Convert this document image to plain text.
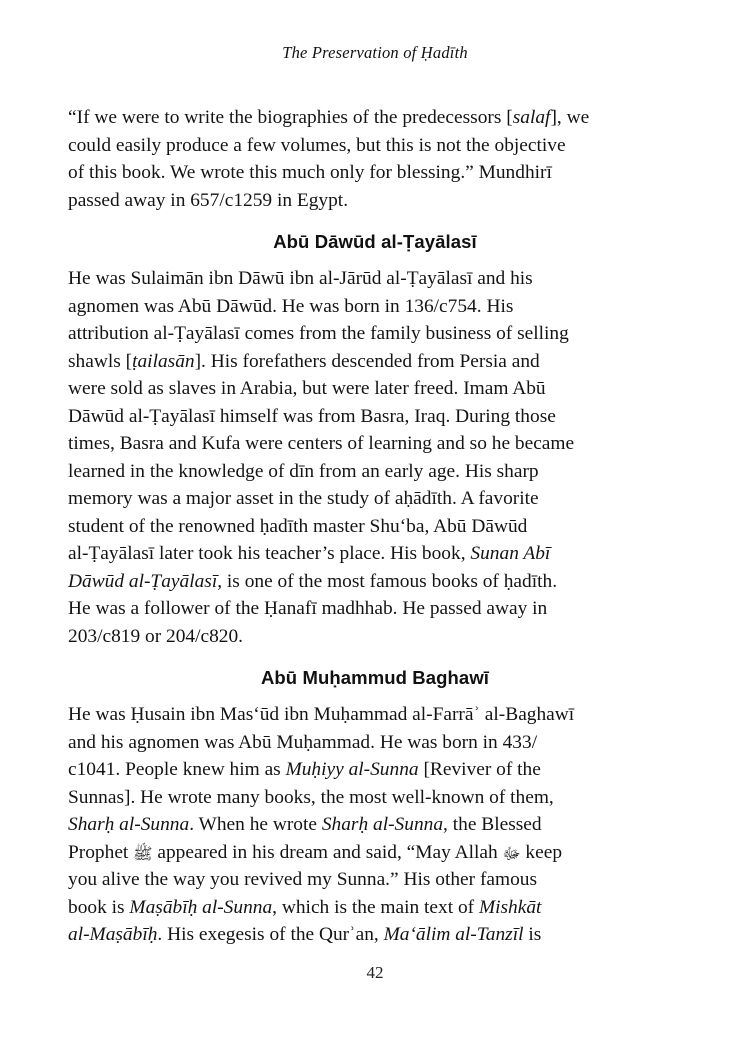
The Preservation of Ḥadīth

“If we were to write the biographies of the predecessors [salaf], we
could easily produce a few volumes, but this is not the objective
of this book. We wrote this much only for blessing.” Mundhirī
passed away in 657/c1259 in Egypt.

Abū Dāwūd al-Ṭayālasī

He was Sulaimān ibn Dāwū ibn al-Jārūd al-Ṭayālasī and his
agnomen was Abū Dāwūd. He was born in 136/c754. His
attribution al-Ṭayālasī comes from the family business of selling
shawls [ṭailasān]. His forefathers descended from Persia and
were sold as slaves in Arabia, but were later freed. Imam Abū
Dāwūd al-Ṭayālasī himself was from Basra, Iraq. During those
times, Basra and Kufa were centers of learning and so he became
learned in the knowledge of dīn from an early age. His sharp
memory was a major asset in the study of aḥādīth. A favorite
student of the renowned ḥadīth master Shuʻba, Abū Dāwūd
al-Ṭayālasī later took his teacher’s place. His book, Sunan Abī
Dāwūd al-Ṭayālasī, is one of the most famous books of ḥadīth.
He was a follower of the Ḥanafī madhhab. He passed away in
203/c819 or 204/c820.

Abū Muḥammud Baghawī

He was Ḥusain ibn Masʻūd ibn Muḥammad al-Farrāʾ al-Baghawī
and his agnomen was Abū Muḥammad. He was born in 433/
c1041. People knew him as Muḥiyy al-Sunna [Reviver of the
Sunnas]. He wrote many books, the most well-known of them,
Sharḥ al-Sunna. When he wrote Sharḥ al-Sunna, the Blessed
Prophet ﷺ appeared in his dream and said, “May Allah ﷻ keep
you alive the way you revived my Sunna.” His other famous
book is Maṣābīḥ al-Sunna, which is the main text of Mishkāt
al-Maṣābīḥ. His exegesis of the Qurʾan, Maʻālim al-Tanzīl is

42
